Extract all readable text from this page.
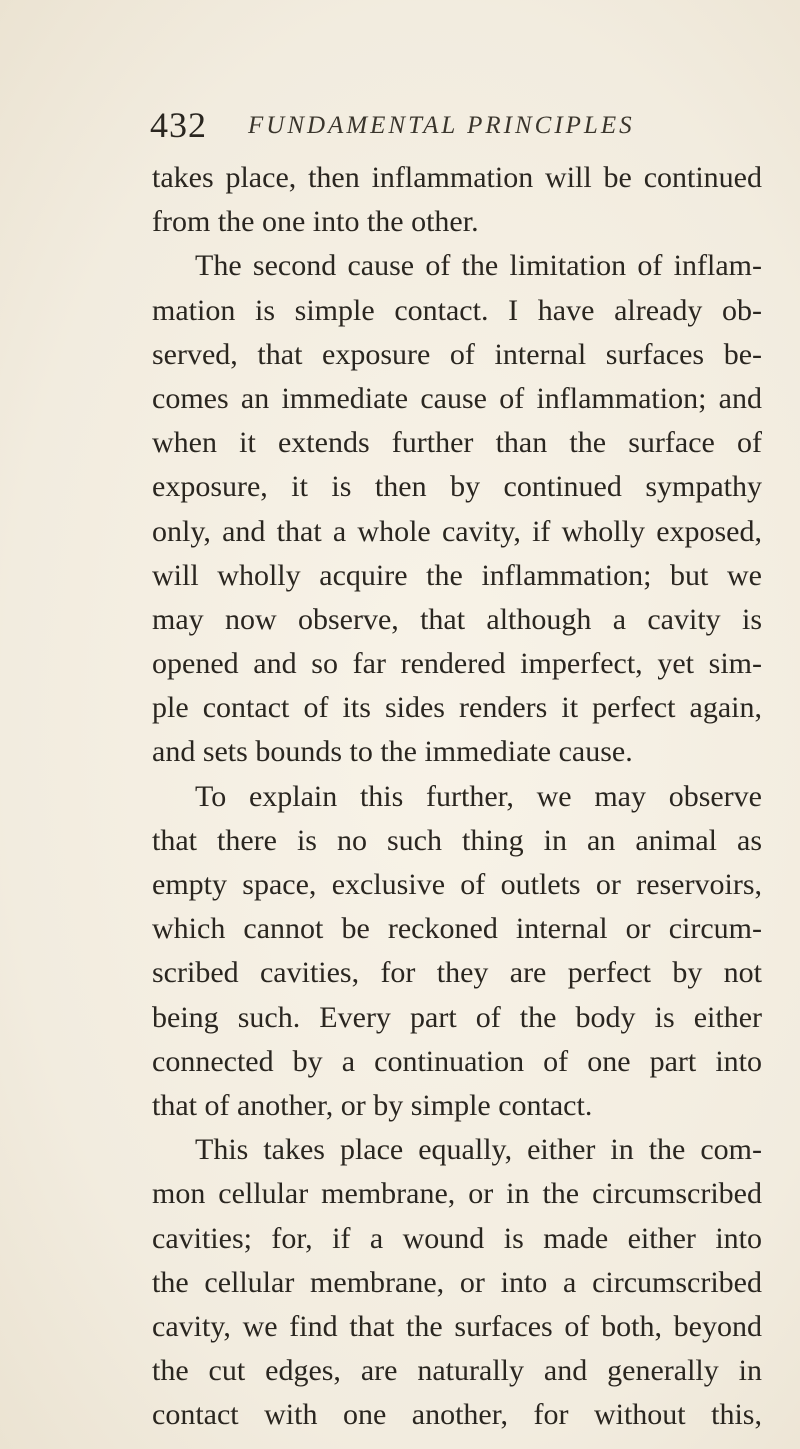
432 FUNDAMENTAL PRINCIPLES
takes place, then inflammation will be continued
from the one into the other.
The second cause of the limitation of inflam-
mation is simple contact. I have already ob-
served, that exposure of internal surfaces be-
comes an immediate cause of inflammation; and
when it extends further than the surface of
exposure, it is then by continued sympathy
only, and that a whole cavity, if wholly exposed,
will wholly acquire the inflammation; but we
may now observe, that although a cavity is
opened and so far rendered imperfect, yet sim-
ple contact of its sides renders it perfect again,
and sets bounds to the immediate cause.
To explain this further, we may observe
that there is no such thing in an animal as
empty space, exclusive of outlets or reservoirs,
which cannot be reckoned internal or circum-
scribed cavities, for they are perfect by not
being such. Every part of the body is either
connected by a continuation of one part into
that of another, or by simple contact.
This takes place equally, either in the com-
mon cellular membrane, or in the circumscribed
cavities; for, if a wound is made either into
the cellular membrane, or into a circumscribed
cavity, we find that the surfaces of both, beyond
the cut edges, are naturally and generally in
contact with one another, for without this,
